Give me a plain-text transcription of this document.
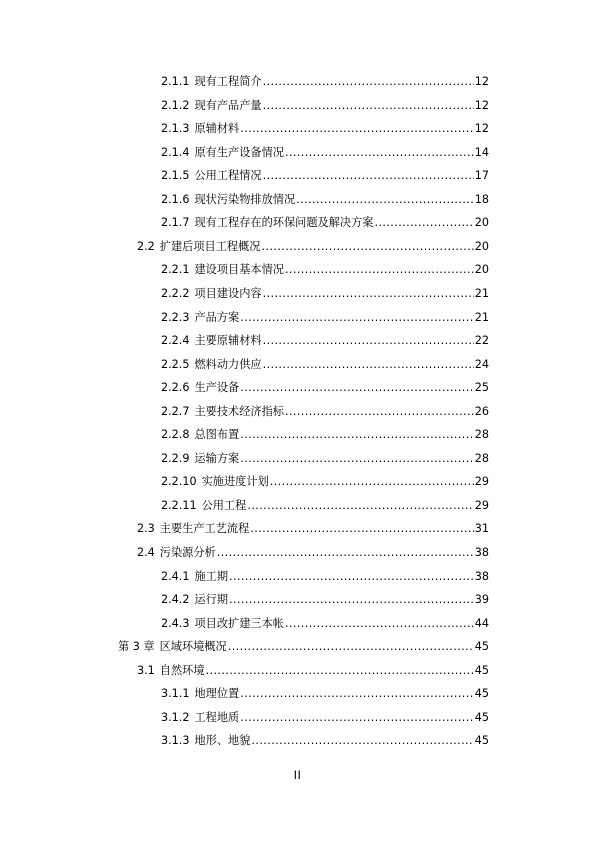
2.1.1 现有工程简介 .....	12
2.1.2 现有产品产量 .....	12
2.1.3 原辅材料 .....	12
2.1.4 原有生产设备情况 .....	14
2.1.5 公用工程情况 .....	17
2.1.6 现状污染物排放情况 .....	18
2.1.7 现有工程存在的环保问题及解决方案 .....	20
2.2 扩建后项目工程概况 .....	20
2.2.1 建设项目基本情况 .....	20
2.2.2 项目建设内容 .....	21
2.2.3 产品方案 .....	21
2.2.4 主要原辅材料 .....	22
2.2.5 燃料动力供应 .....	24
2.2.6 生产设备 .....	25
2.2.7 主要技术经济指标 .....	26
2.2.8 总图布置 .....	28
2.2.9 运输方案 .....	28
2.2.10 实施进度计划 .....	29
2.2.11 公用工程 .....	29
2.3 主要生产工艺流程 .....	31
2.4 污染源分析 .....	38
2.4.1 施工期 .....	38
2.4.2 运行期 .....	39
2.4.3 项目改扩建三本帐 .....	44
第 3 章 区域环境概况 .....	45
3.1 自然环境 .....	45
3.1.1 地理位置 .....	45
3.1.2 工程地质 .....	45
3.1.3 地形、地貌 .....	45
II
